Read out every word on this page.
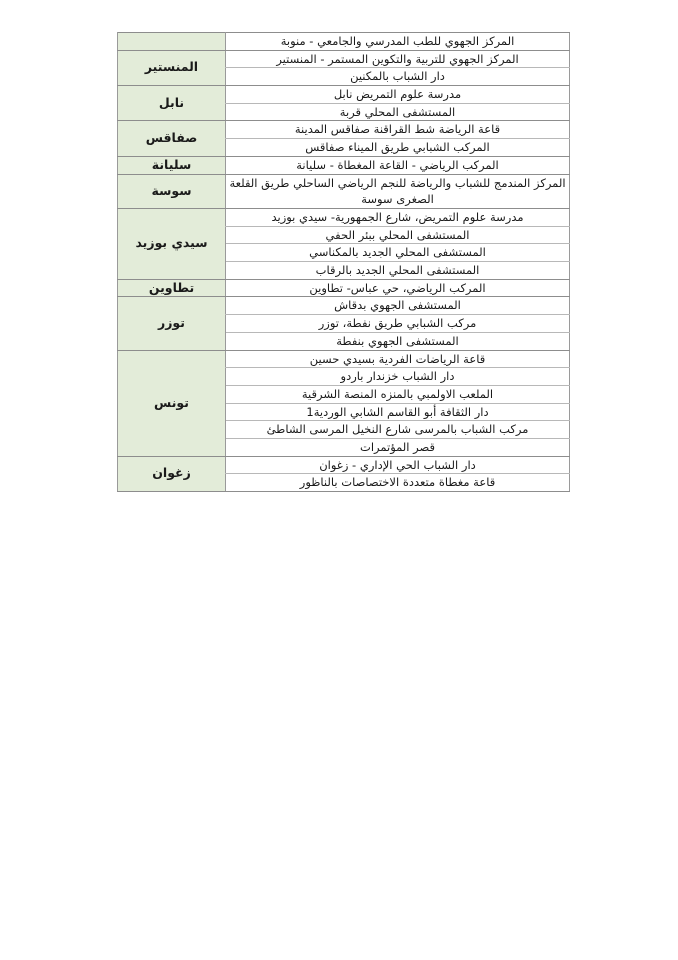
المركز الجهوي للطب المدرسي والجامعي - منوبة	

المركز الجهوي للتربية والتكوين المستمر - المنستير	المنستير

دار الشباب بالمكنين	

مدرسة علوم التمريض نابل	نابل

المستشفى المحلي قربة	

قاعة الرياضة شط القراقنة صفاقس المدينة	صفاقس

المركب الشبابي طريق الميناء صفاقس	

المركب الرياضي - القاعة المغطاة - سليانة	سليانة

المركز المندمج للشباب والرياضة للنجم الرياضي الساحلي طريق القلعة الصغرى سوسة	سوسة

مدرسة علوم التمريض، شارع الجمهورية- سيدي بوزيد	سيدي بوزيد

المستشفى المحلي ببئر الحفي	

المستشفى المحلي الجديد بالمكناسي	

المستشفى المحلي الجديد بالرقاب	

المركب الرياضي، حي عباس- تطاوين	تطاوين

المستشفى الجهوي بدقاش	توزر

مركب الشبابي طريق نفطة، توزر	

المستشفى الجهوي بنفطة	

قاعة الرياضات الفردية بسيدي حسين	تونس

دار الشباب خزندار باردو	

الملعب الاولمبي بالمنزه المنصة الشرقية	

دار الثقافة أبو القاسم الشابي الوردية1	

مركب الشباب بالمرسى شارع النخيل المرسى الشاطئ	

قصر المؤتمرات	

دار الشباب الحي الإداري - زغوان	زغوان

قاعة مغطاة متعددة الاختصاصات بالناظور	
